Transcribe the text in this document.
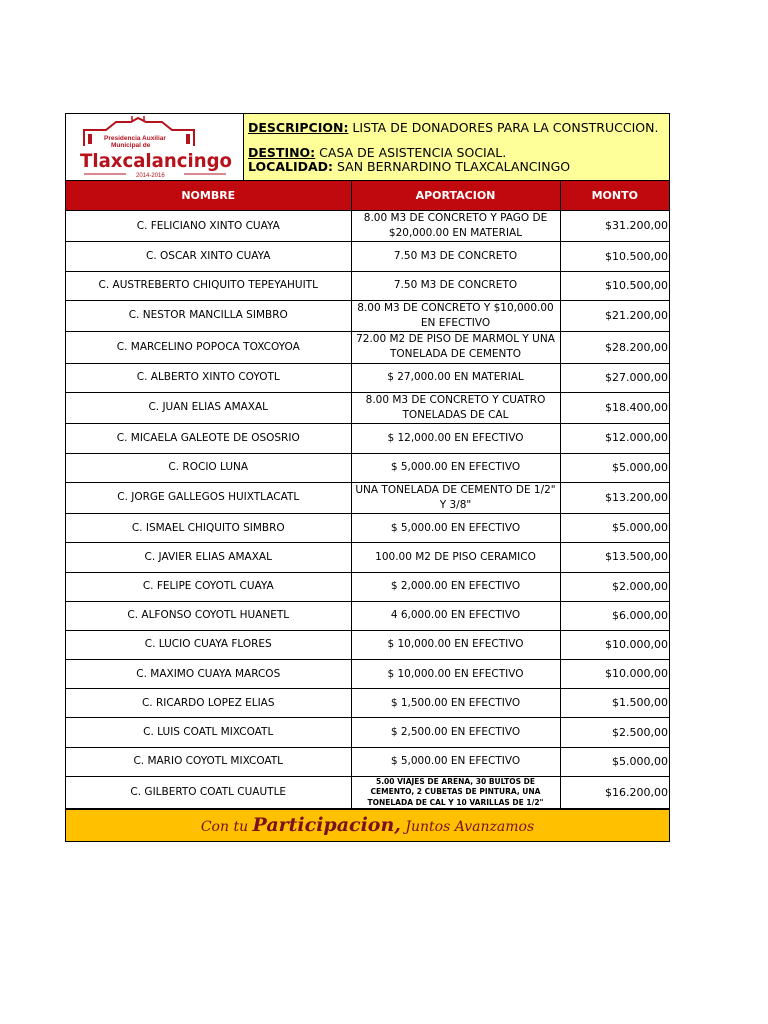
Presidencia Auxiliar
Municipal de
Tlaxcalancingo
2014-2016
DESCRIPCION: LISTA DE DONADORES PARA LA CONSTRUCCION.
DESTINO: CASA DE ASISTENCIA SOCIAL.
LOCALIDAD: SAN BERNARDINO TLAXCALANCINGO
NOMBRE	APORTACION	MONTO
C. FELICIANO XINTO CUAYA	8.00 M3 DE CONCRETO Y PAGO DE $20,000.00 EN MATERIAL	$31.200,00
C. OSCAR XINTO CUAYA	7.50 M3 DE CONCRETO	$10.500,00
C. AUSTREBERTO CHIQUITO TEPEYAHUITL	7.50 M3 DE CONCRETO	$10.500,00
C. NESTOR MANCILLA SIMBRO	8.00 M3 DE CONCRETO Y $10,000.00 EN EFECTIVO	$21.200,00
C. MARCELINO POPOCA TOXCOYOA	72.00 M2 DE PISO DE MARMOL Y UNA TONELADA DE CEMENTO	$28.200,00
C. ALBERTO XINTO COYOTL	$ 27,000.00 EN MATERIAL	$27.000,00
C. JUAN ELIAS AMAXAL	8.00 M3 DE CONCRETO Y CUATRO TONELADAS DE CAL	$18.400,00
C. MICAELA GALEOTE DE OSOSRIO	$ 12,000.00 EN EFECTIVO	$12.000,00
C. ROCIO LUNA	$ 5,000.00 EN EFECTIVO	$5.000,00
C. JORGE GALLEGOS HUIXTLACATL	UNA TONELADA DE CEMENTO DE 1/2" Y 3/8"	$13.200,00
C. ISMAEL CHIQUITO SIMBRO	$ 5,000.00 EN EFECTIVO	$5.000,00
C. JAVIER ELIAS AMAXAL	100.00 M2 DE PISO CERAMICO	$13.500,00
C. FELIPE COYOTL CUAYA	$ 2,000.00 EN EFECTIVO	$2.000,00
C. ALFONSO COYOTL HUANETL	4 6,000.00 EN EFECTIVO	$6.000,00
C. LUCIO CUAYA FLORES	$ 10,000.00 EN EFECTIVO	$10.000,00
C. MAXIMO CUAYA MARCOS	$ 10,000.00 EN EFECTIVO	$10.000,00
C. RICARDO LOPEZ ELIAS	$ 1,500.00 EN EFECTIVO	$1.500,00
C. LUIS COATL MIXCOATL	$ 2,500.00 EN EFECTIVO	$2.500,00
C. MARIO COYOTL MIXCOATL	$ 5,000.00 EN EFECTIVO	$5.000,00
C. GILBERTO COATL CUAUTLE	5.00 VIAJES DE ARENA, 30 BULTOS DE CEMENTO, 2 CUBETAS DE PINTURA, UNA TONELADA DE CAL Y 10 VARILLAS DE 1/2"	$16.200,00
Con tu Participacion, Juntos Avanzamos
